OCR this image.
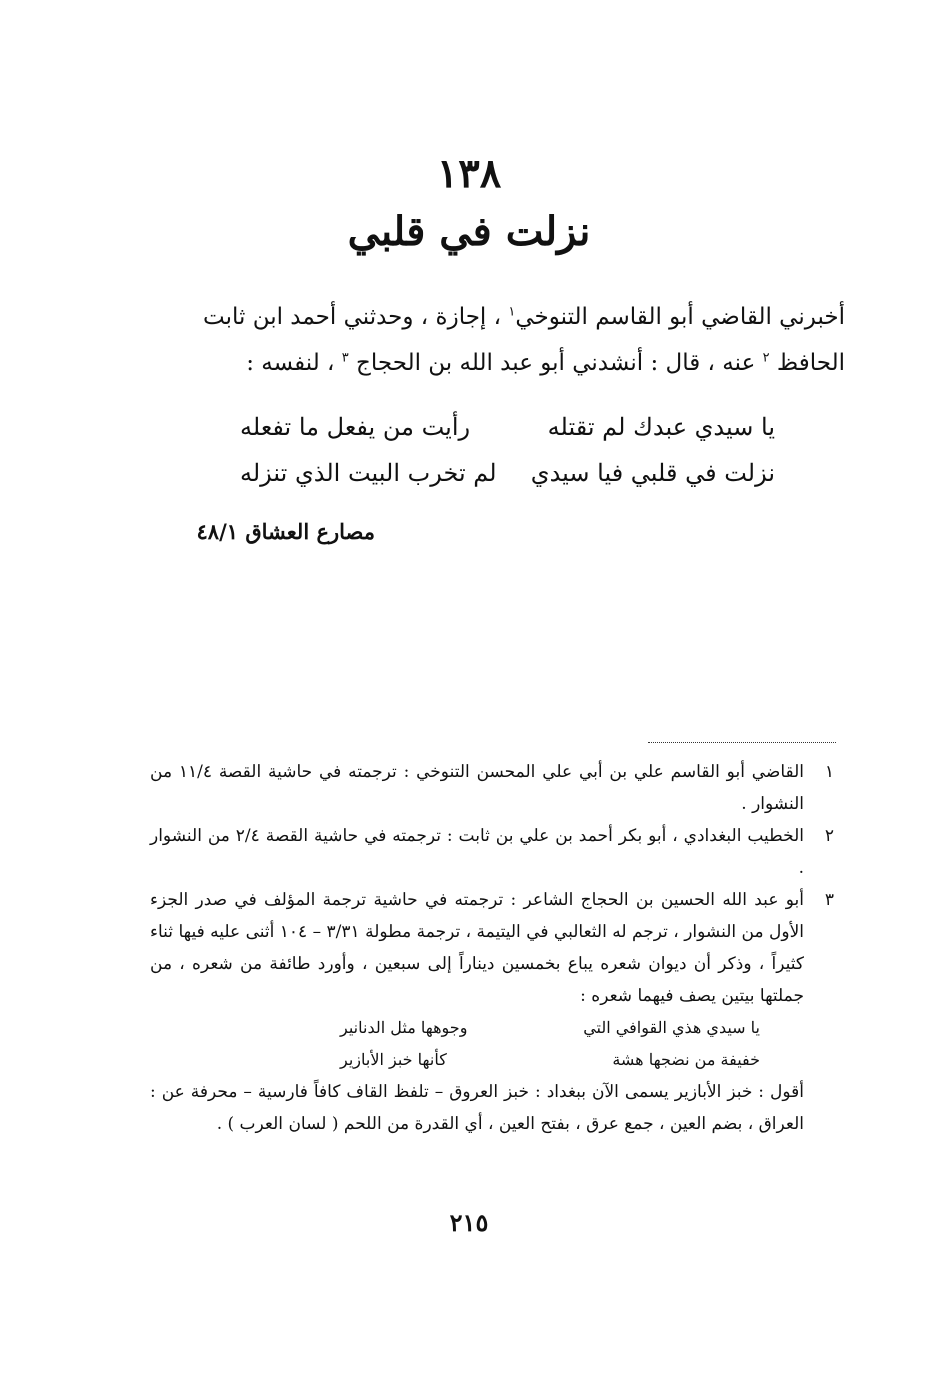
١٣٨
نزلت في قلبي
أخبرني القاضي أبو القاسم التنوخي$^١$ ، إجازة ، وحدثني أحمد ابن ثابت
الحافظ $^٢$ عنه ، قال : أنشدني أبو عبد الله بن الحجاج $^٣$ ، لنفسه :
يا سيدي عبدك لم تقتله
رأيت من يفعل ما تفعله
نزلت في قلبي فيا سيدي
لم تخرب البيت الذي تنزله
مصارع العشاق ٤٨/١
١
القاضي أبو القاسم علي بن أبي علي المحسن التنوخي : ترجمته في حاشية القصة ١١/٤ من النشوار .
٢
الخطيب البغدادي ، أبو بكر أحمد بن علي بن ثابت : ترجمته في حاشية القصة ٢/٤ من النشوار .
٣
أبو عبد الله الحسين بن الحجاج الشاعر : ترجمته في حاشية ترجمة المؤلف في صدر الجزء الأول من النشوار ، ترجم له الثعالبي في اليتيمة ، ترجمة مطولة ٣/٣١ – ١٠٤ أثنى عليه فيها ثناء كثيراً ، وذكر أن ديوان شعره يباع بخمسين ديناراً إلى سبعين ، وأورد طائفة من شعره ، من جملتها بيتين يصف فيهما شعره :
يا سيدي هذي القوافي التي
وجوهها مثل الدنانير
خفيفة من نضجها هشة
كأنها خبز الأبازير
أقول : خبز الأبازير يسمى الآن ببغداد : خبز العروق – تلفظ القاف كافاً فارسية – محرفة عن : العراق ، بضم العين ، جمع عرق ، بفتح العين ، أي القدرة من اللحم ( لسان العرب ) .
٢١٥
